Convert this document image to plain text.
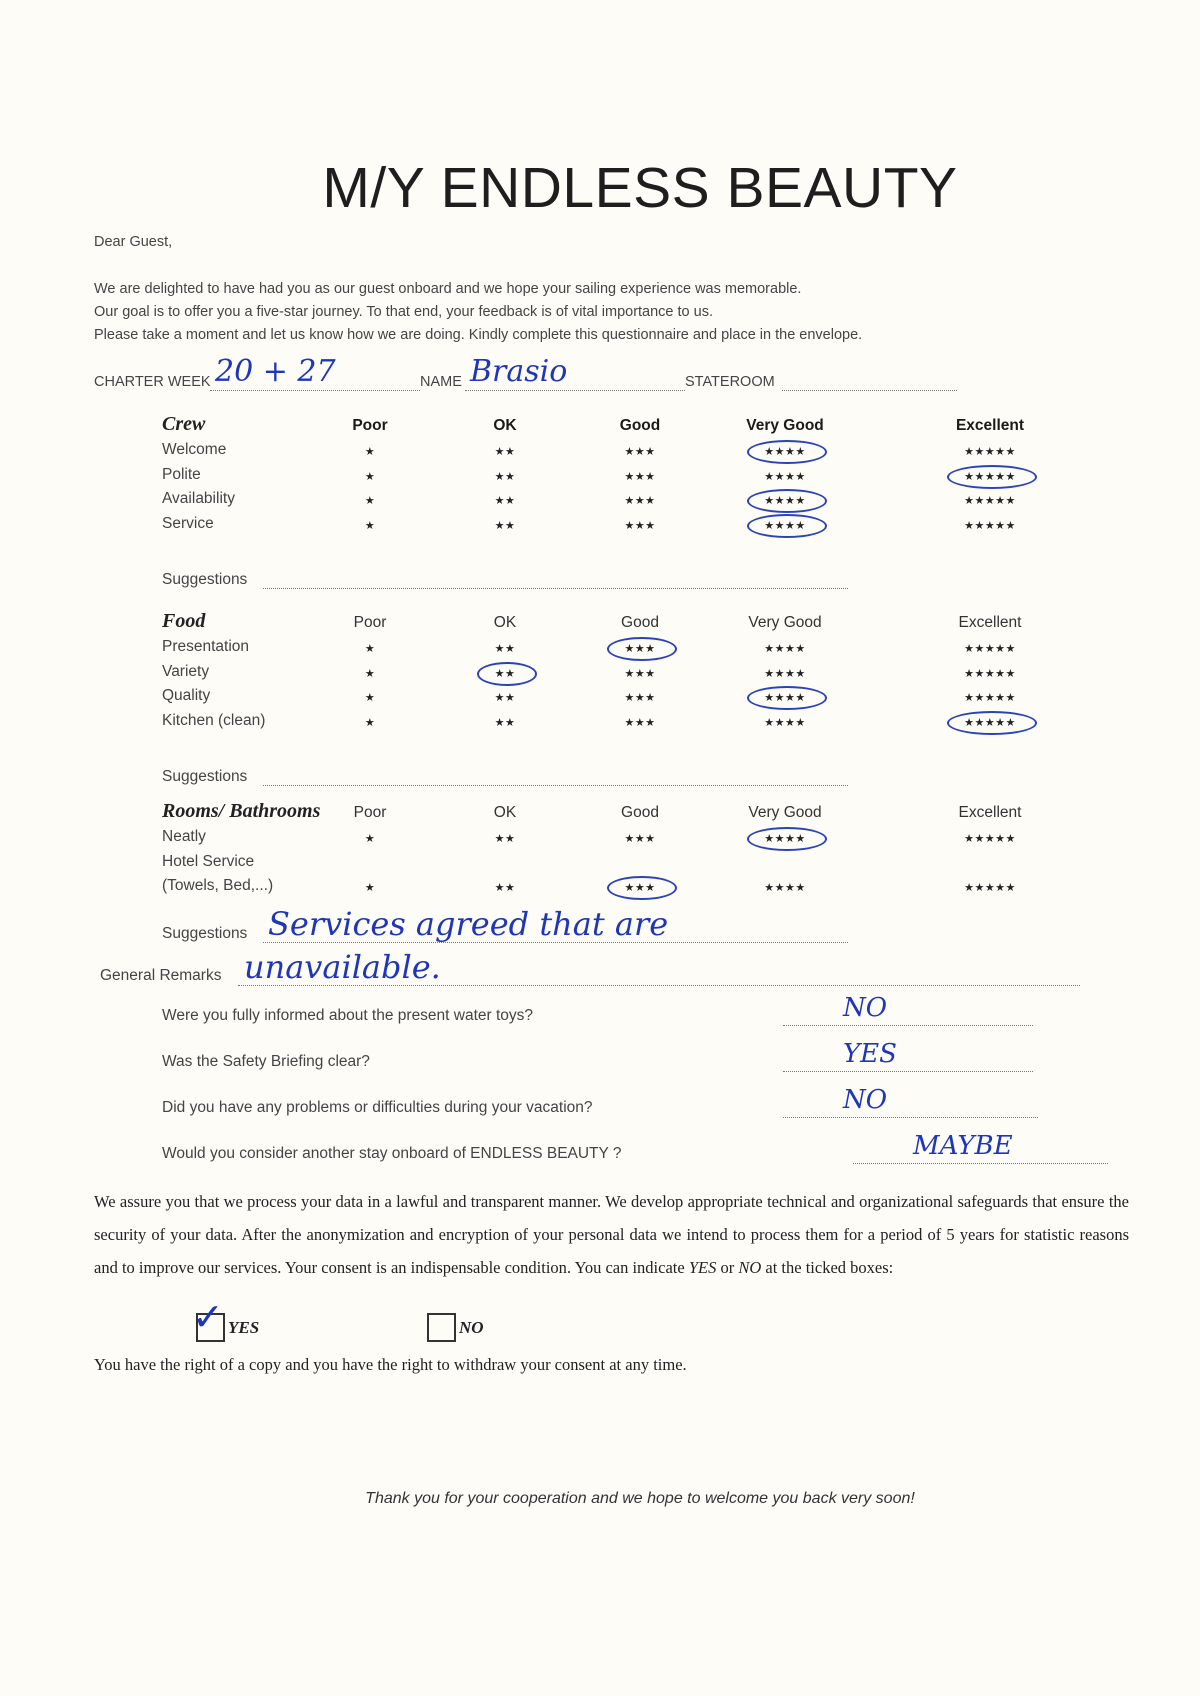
M/Y ENDLESS BEAUTY
Dear Guest,
We are delighted to have had you as our guest onboard and we hope your sailing experience was memorable.
Our goal is to offer you a five-star journey. To that end, your feedback is of vital importance to us.
Please take a moment and let us know how we are doing. Kindly complete this questionnaire and place in the envelope.
CHARTER WEEK 20 + 27	NAME Brasio	STATEROOM
Crew	Poor	OK	Good	Very Good	Excellent
Welcome	★	★★	★★★	★★★★	★★★★★
Polite	★	★★	★★★	★★★★	★★★★★
Availability	★	★★	★★★	★★★★	★★★★★
Service	★	★★	★★★	★★★★	★★★★★
Suggestions
Food	Poor	OK	Good	Very Good	Excellent
Presentation	★	★★	★★★	★★★★	★★★★★
Variety	★	★★	★★★	★★★★	★★★★★
Quality	★	★★	★★★	★★★★	★★★★★
Kitchen (clean)	★	★★	★★★	★★★★	★★★★★
Suggestions
Rooms/ Bathrooms	Poor	OK	Good	Very Good	Excellent
Neatly	★	★★	★★★	★★★★	★★★★★
Hotel Service
(Towels, Bed,...)	★	★★	★★★	★★★★	★★★★★
Suggestions Services agreed that are
General Remarks unavailable.
Were you fully informed about the present water toys?	NO
Was the Safety Briefing clear?	YES
Did you have any problems or difficulties during your vacation?	NO
Would you consider another stay onboard of ENDLESS BEAUTY ?	MAYBE
We assure you that we process your data in a lawful and transparent manner. We develop appropriate technical and organizational safeguards that ensure the security of your data. After the anonymization and encryption of your personal data we intend to process them for a period of 5 years for statistic reasons and to improve our services. Your consent is an indispensable condition. You can indicate YES or NO at the ticked boxes:
✓ YES	NO
You have the right of a copy and you have the right to withdraw your consent at any time.
Thank you for your cooperation and we hope to welcome you back very soon!
